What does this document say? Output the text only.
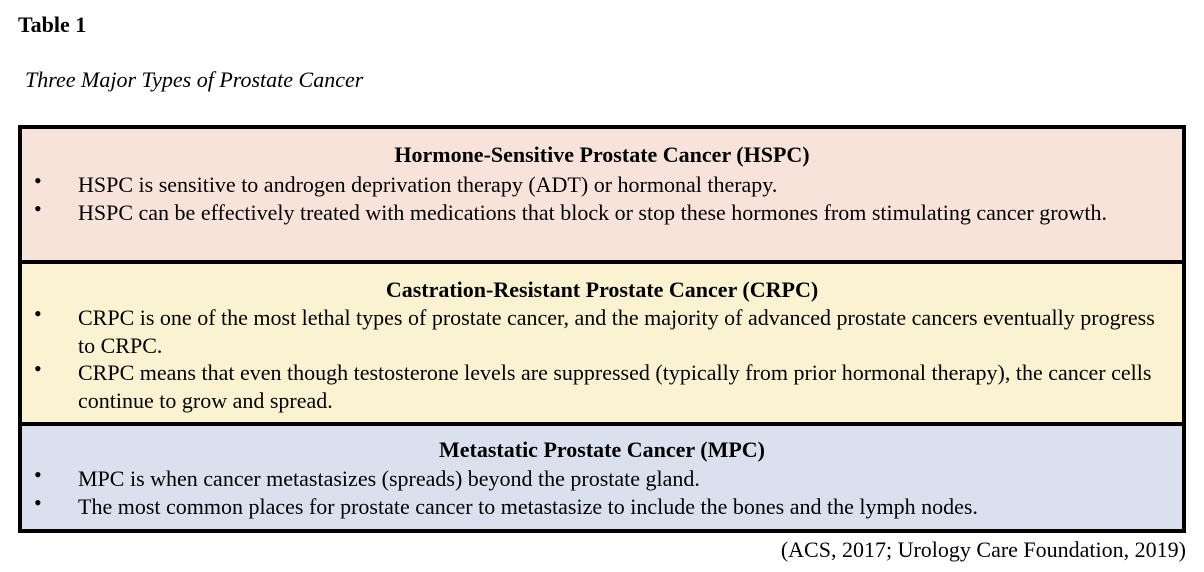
Table 1
Three Major Types of Prostate Cancer
Hormone-Sensitive Prostate Cancer (HSPC)
• HSPC is sensitive to androgen deprivation therapy (ADT) or hormonal therapy.
• HSPC can be effectively treated with medications that block or stop these hormones from stimulating cancer growth.
Castration-Resistant Prostate Cancer (CRPC)
• CRPC is one of the most lethal types of prostate cancer, and the majority of advanced prostate cancers eventually progress to CRPC.
• CRPC means that even though testosterone levels are suppressed (typically from prior hormonal therapy), the cancer cells continue to grow and spread.
Metastatic Prostate Cancer (MPC)
• MPC is when cancer metastasizes (spreads) beyond the prostate gland.
• The most common places for prostate cancer to metastasize to include the bones and the lymph nodes.
(ACS, 2017; Urology Care Foundation, 2019)
